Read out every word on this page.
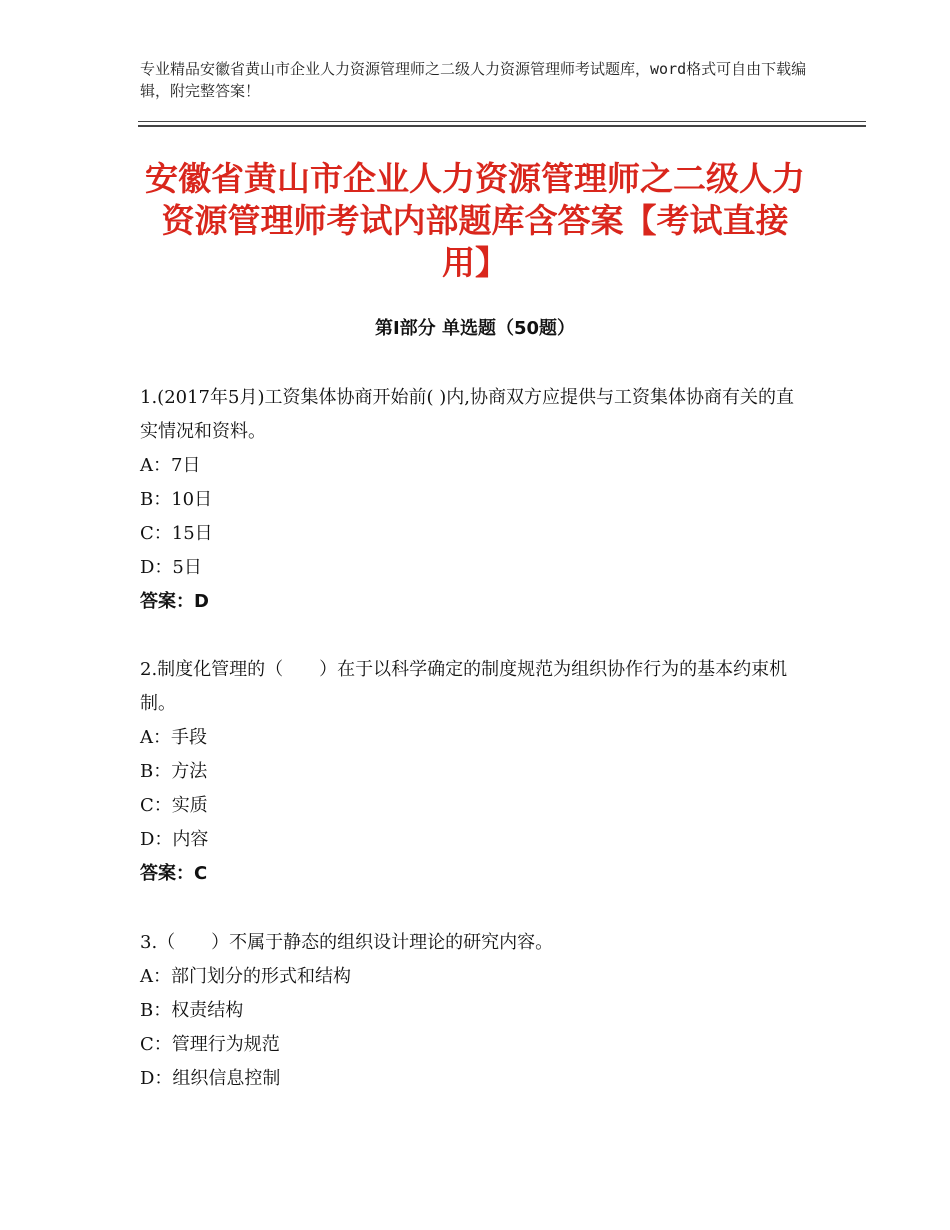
专业精品安徽省黄山市企业人力资源管理师之二级人力资源管理师考试题库，word格式可自由下载编辑，附完整答案！
安徽省黄山市企业人力资源管理师之二级人力资源管理师考试内部题库含答案【考试直接用】
第Ⅰ部分 单选题（50题）

1.(2017年5月)工资集体协商开始前( )内,协商双方应提供与工资集体协商有关的直实情况和资料。

A：7日

B：10日

C：15日

D：5日

答案：D

2.制度化管理的（　　）在于以科学确定的制度规范为组织协作行为的基本约束机制。

A：手段

B：方法

C：实质

D：内容

答案：C

3.（　　）不属于静态的组织设计理论的研究内容。

A：部门划分的形式和结构

B：权责结构

C：管理行为规范

D：组织信息控制
